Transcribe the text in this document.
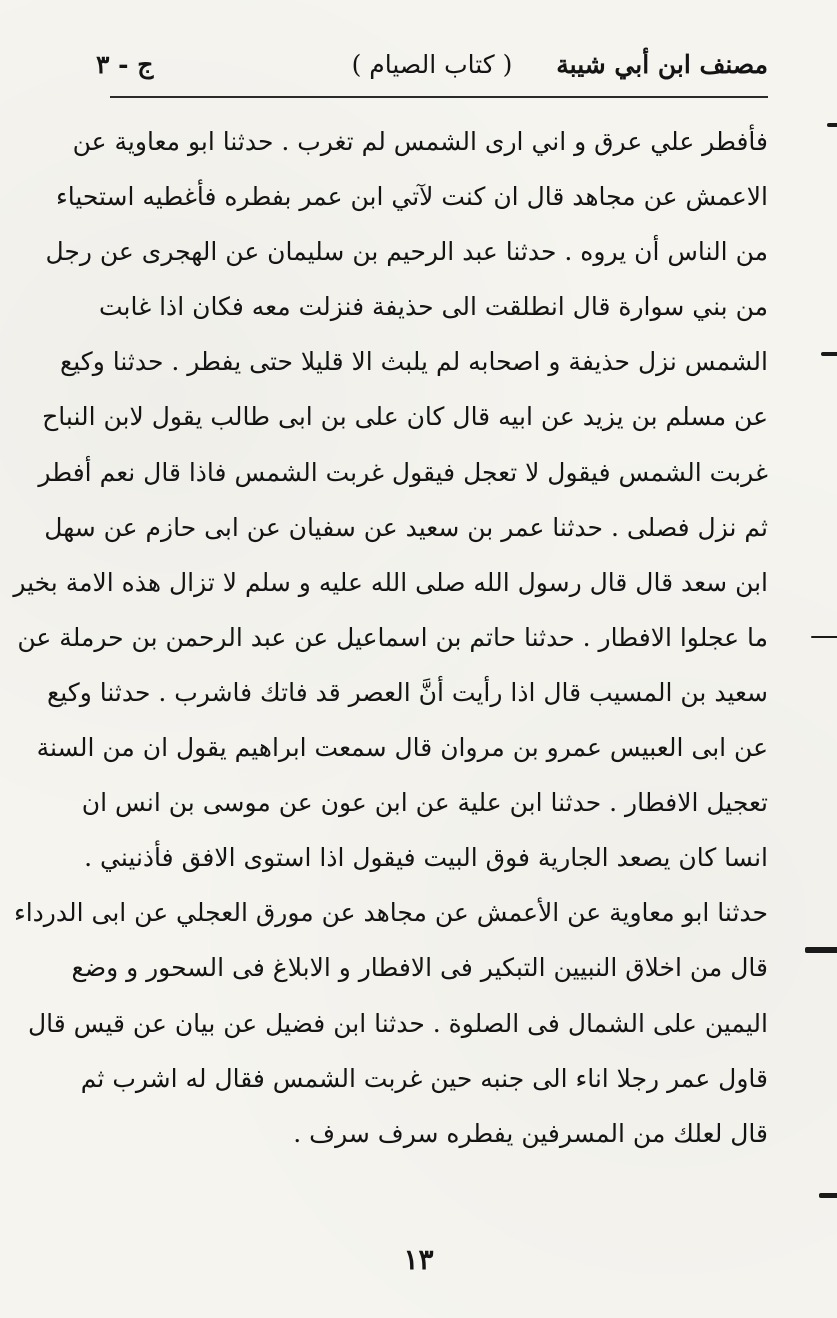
مصنف ابن أبي شيبة
( كتاب الصيام )
ج - ٣
فأفطر علي عرق و اني ارى الشمس لم تغرب . حدثنا ابو معاوية عن
الاعمش عن مجاهد قال ان كنت لآتي ابن عمر بفطره فأغطيه استحياء
من الناس أن يروه . حدثنا عبد الرحيم بن سليمان عن الهجرى عن رجل
من بني سوارة قال انطلقت الى حذيفة فنزلت معه فكان اذا غابت
الشمس نزل حذيفة و اصحابه لم يلبث الا قليلا حتى يفطر . حدثنا وكيع
عن مسلم بن يزيد عن ابيه قال كان على بن ابى طالب يقول لابن النباح
غربت الشمس فيقول لا تعجل فيقول غربت الشمس فاذا قال نعم أفطر
ثم نزل فصلى . حدثنا عمر بن سعيد عن سفيان عن ابى حازم عن سهل
ابن سعد قال قال رسول الله صلى الله عليه و سلم لا تزال هذه الامة بخير
ما عجلوا الافطار . حدثنا حاتم بن اسماعيل عن عبد الرحمن بن حرملة عن
سعيد بن المسيب قال اذا رأيت أنَّ العصر قد فاتك فاشرب . حدثنا وكيع
عن ابى العبيس عمرو بن مروان قال سمعت ابراهيم يقول ان من السنة
تعجيل الافطار . حدثنا ابن علية عن ابن عون عن موسى بن انس ان
انسا كان يصعد الجارية فوق البيت فيقول اذا استوى الافق فأذنيني .
حدثنا ابو معاوية عن الأعمش عن مجاهد عن مورق العجلي عن ابى الدرداء
قال من اخلاق النبيين التبكير فى الافطار و الابلاغ فى السحور و وضع
اليمين على الشمال فى الصلوة . حدثنا ابن فضيل عن بيان عن قيس قال
قاول عمر رجلا اناء الى جنبه حين غربت الشمس فقال له اشرب ثم
قال لعلك من المسرفين يفطره سرف سرف .
١٣
